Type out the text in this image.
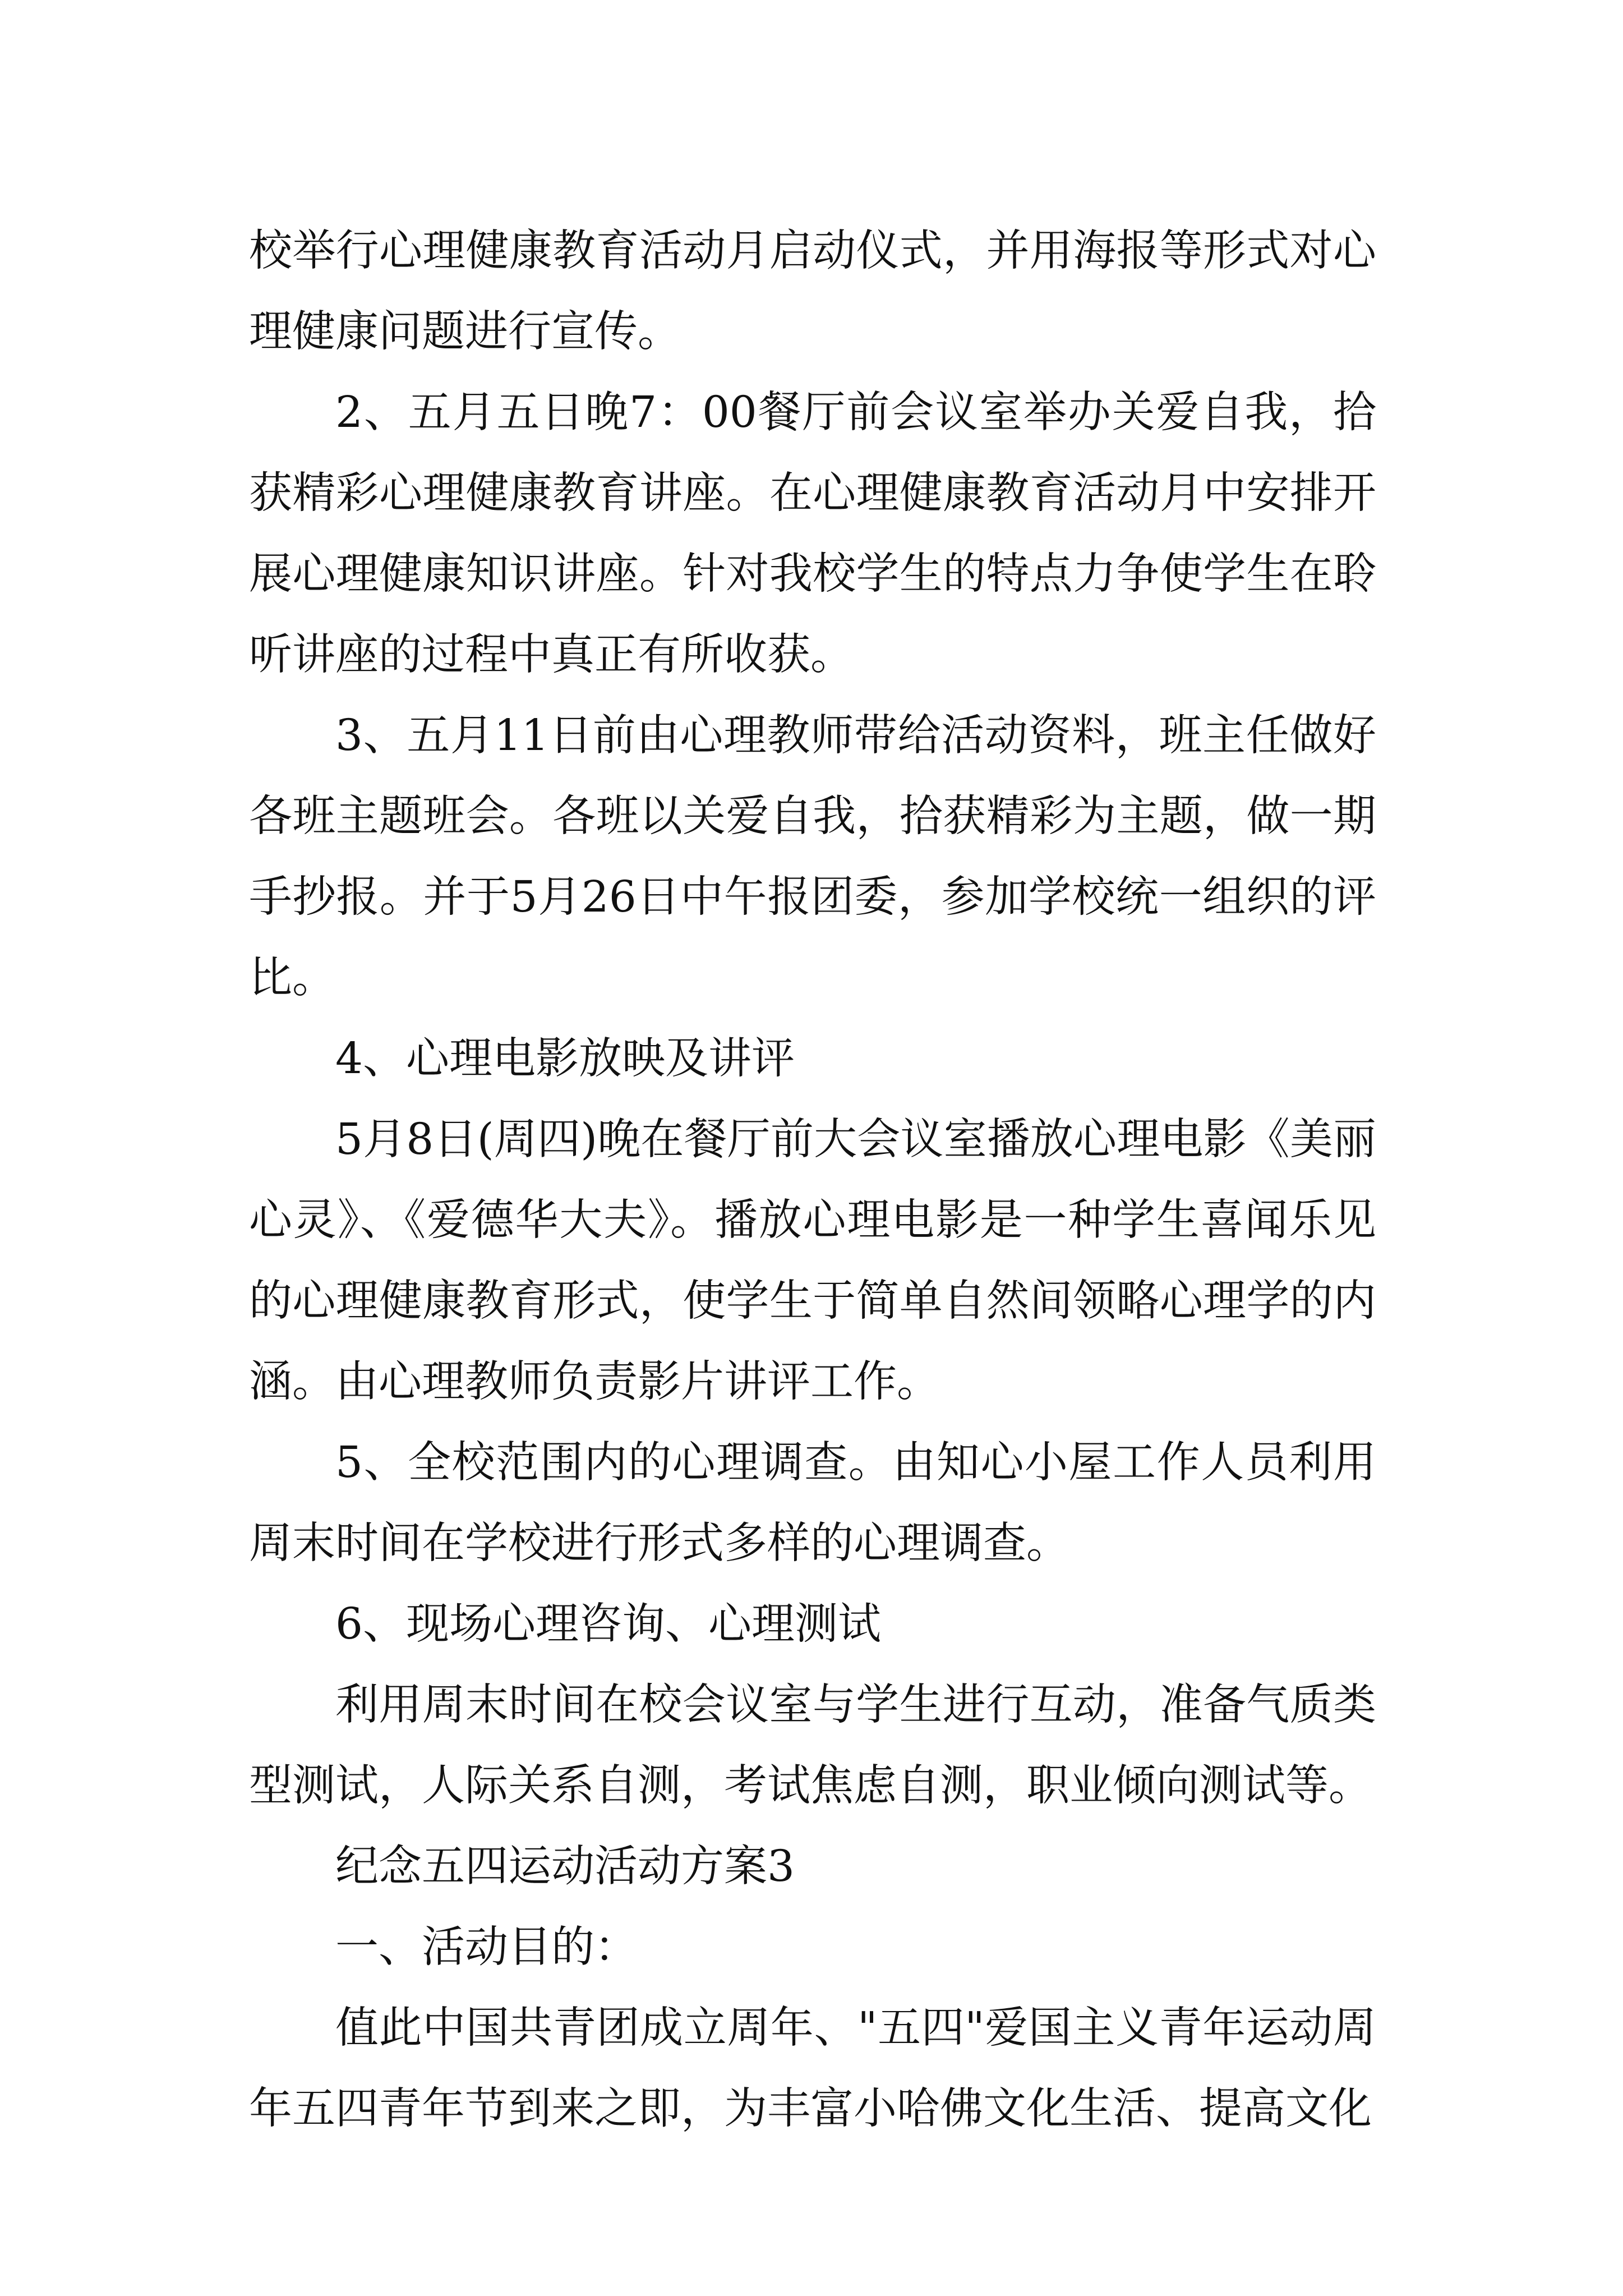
校举行心理健康教育活动月启动仪式，并用海报等形式对心理健康问题进行宣传。

2、五月五日晚7：00餐厅前会议室举办关爱自我，拾获精彩心理健康教育讲座。在心理健康教育活动月中安排开展心理健康知识讲座。针对我校学生的特点力争使学生在聆听讲座的过程中真正有所收获。

3、五月11日前由心理教师带给活动资料，班主任做好各班主题班会。各班以关爱自我，拾获精彩为主题，做一期手抄报。并于5月26日中午报团委，参加学校统一组织的评比。

4、心理电影放映及讲评

5月8日(周四)晚在餐厅前大会议室播放心理电影《美丽心灵》、《爱德华大夫》。播放心理电影是一种学生喜闻乐见的心理健康教育形式，使学生于简单自然间领略心理学的内涵。由心理教师负责影片讲评工作。

5、全校范围内的心理调查。由知心小屋工作人员利用周末时间在学校进行形式多样的心理调查。

6、现场心理咨询、心理测试

利用周末时间在校会议室与学生进行互动，准备气质类型测试，人际关系自测，考试焦虑自测，职业倾向测试等。

纪念五四运动活动方案3

一、活动目的：

值此中国共青团成立周年、"五四"爱国主义青年运动周年五四青年节到来之即，为丰富小哈佛文化生活、提高文化
